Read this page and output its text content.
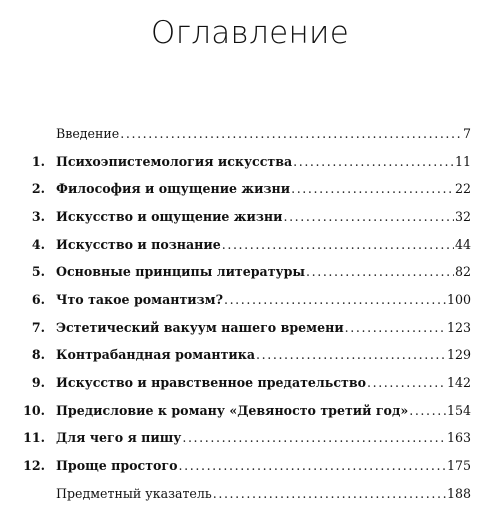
Оглавление
Введение . . .	7
1. Психоэпистемология искусства . . .	11
2. Философия и ощущение жизни . . .	22
3. Искусство и ощущение жизни . . .	32
4. Искусство и познание . . .	44
5. Основные принципы литературы . . .	82
6. Что такое романтизм? . . .	100
7. Эстетический вакуум нашего времени . . .	123
8. Контрабандная романтика . . .	129
9. Искусство и нравственное предательство . . .	142
10. Предисловие к роману «Девяносто третий год» . . .	154
11. Для чего я пишу . . .	163
12. Проще простого . . .	175
Предметный указатель . . .	188
